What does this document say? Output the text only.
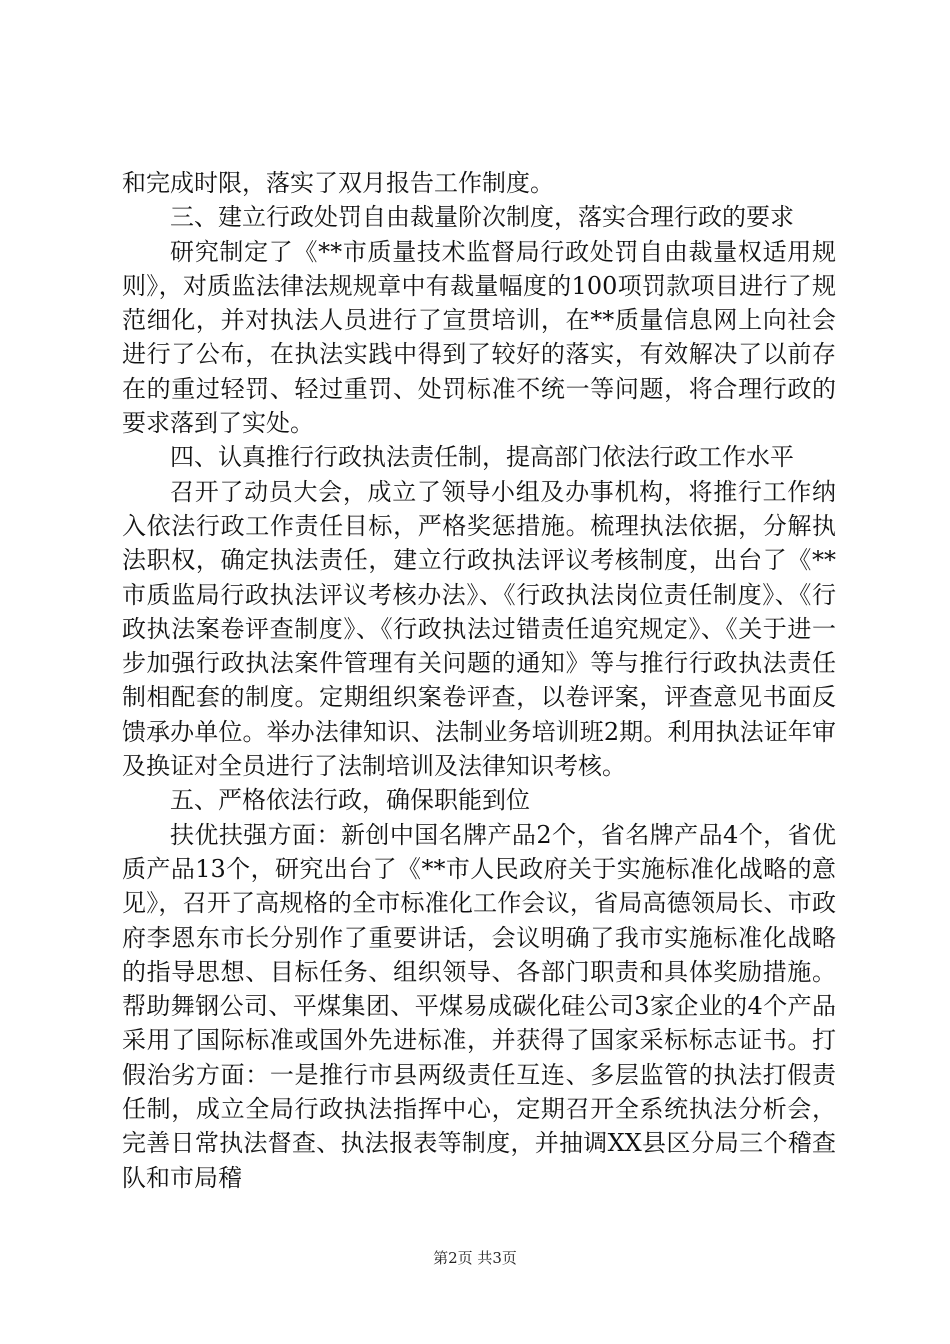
和完成时限，落实了双月报告工作制度。

三、建立行政处罚自由裁量阶次制度，落实合理行政的要求

研究制定了《**市质量技术监督局行政处罚自由裁量权适用规则》，对质监法律法规规章中有裁量幅度的100项罚款项目进行了规范细化，并对执法人员进行了宣贯培训，在**质量信息网上向社会进行了公布，在执法实践中得到了较好的落实，有效解决了以前存在的重过轻罚、轻过重罚、处罚标准不统一等问题，将合理行政的要求落到了实处。

四、认真推行行政执法责任制，提高部门依法行政工作水平

召开了动员大会，成立了领导小组及办事机构，将推行工作纳入依法行政工作责任目标，严格奖惩措施。梳理执法依据，分解执法职权，确定执法责任，建立行政执法评议考核制度，出台了《**市质监局行政执法评议考核办法》、《行政执法岗位责任制度》、《行政执法案卷评查制度》、《行政执法过错责任追究规定》、《关于进一步加强行政执法案件管理有关问题的通知》等与推行行政执法责任制相配套的制度。定期组织案卷评查，以卷评案，评查意见书面反馈承办单位。举办法律知识、法制业务培训班2期。利用执法证年审及换证对全员进行了法制培训及法律知识考核。

五、严格依法行政，确保职能到位

扶优扶强方面：新创中国名牌产品2个，省名牌产品4个，省优质产品13个，研究出台了《**市人民政府关于实施标准化战略的意见》，召开了高规格的全市标准化工作会议，省局高德领局长、市政府李恩东市长分别作了重要讲话，会议明确了我市实施标准化战略的指导思想、目标任务、组织领导、各部门职责和具体奖励措施。帮助舞钢公司、平煤集团、平煤易成碳化硅公司3家企业的4个产品采用了国际标准或国外先进标准，并获得了国家采标标志证书。打假治劣方面：一是推行市县两级责任互连、多层监管的执法打假责任制，成立全局行政执法指挥中心，定期召开全系统执法分析会，完善日常执法督查、执法报表等制度，并抽调XX县区分局三个稽查队和市局稽

第2页 共3页
